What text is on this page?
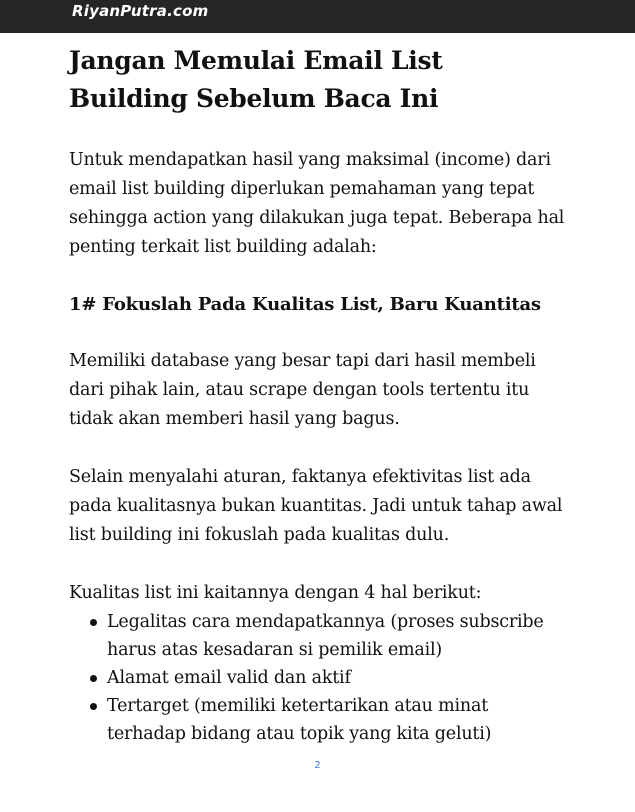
RiyanPutra.com
Jangan Memulai Email List Building Sebelum Baca Ini

Untuk mendapatkan hasil yang maksimal (income) dari email list building diperlukan pemahaman yang tepat sehingga action yang dilakukan juga tepat. Beberapa hal penting terkait list building adalah:

1# Fokuslah Pada Kualitas List, Baru Kuantitas

Memiliki database yang besar tapi dari hasil membeli dari pihak lain, atau scrape dengan tools tertentu itu tidak akan memberi hasil yang bagus.

Selain menyalahi aturan, faktanya efektivitas list ada pada kualitasnya bukan kuantitas. Jadi untuk tahap awal list building ini fokuslah pada kualitas dulu.

Kualitas list ini kaitannya dengan 4 hal berikut:

Legalitas cara mendapatkannya (proses subscribe harus atas kesadaran si pemilik email)
Alamat email valid dan aktif
Tertarget (memiliki ketertarikan atau minat terhadap bidang atau topik yang kita geluti)
2
